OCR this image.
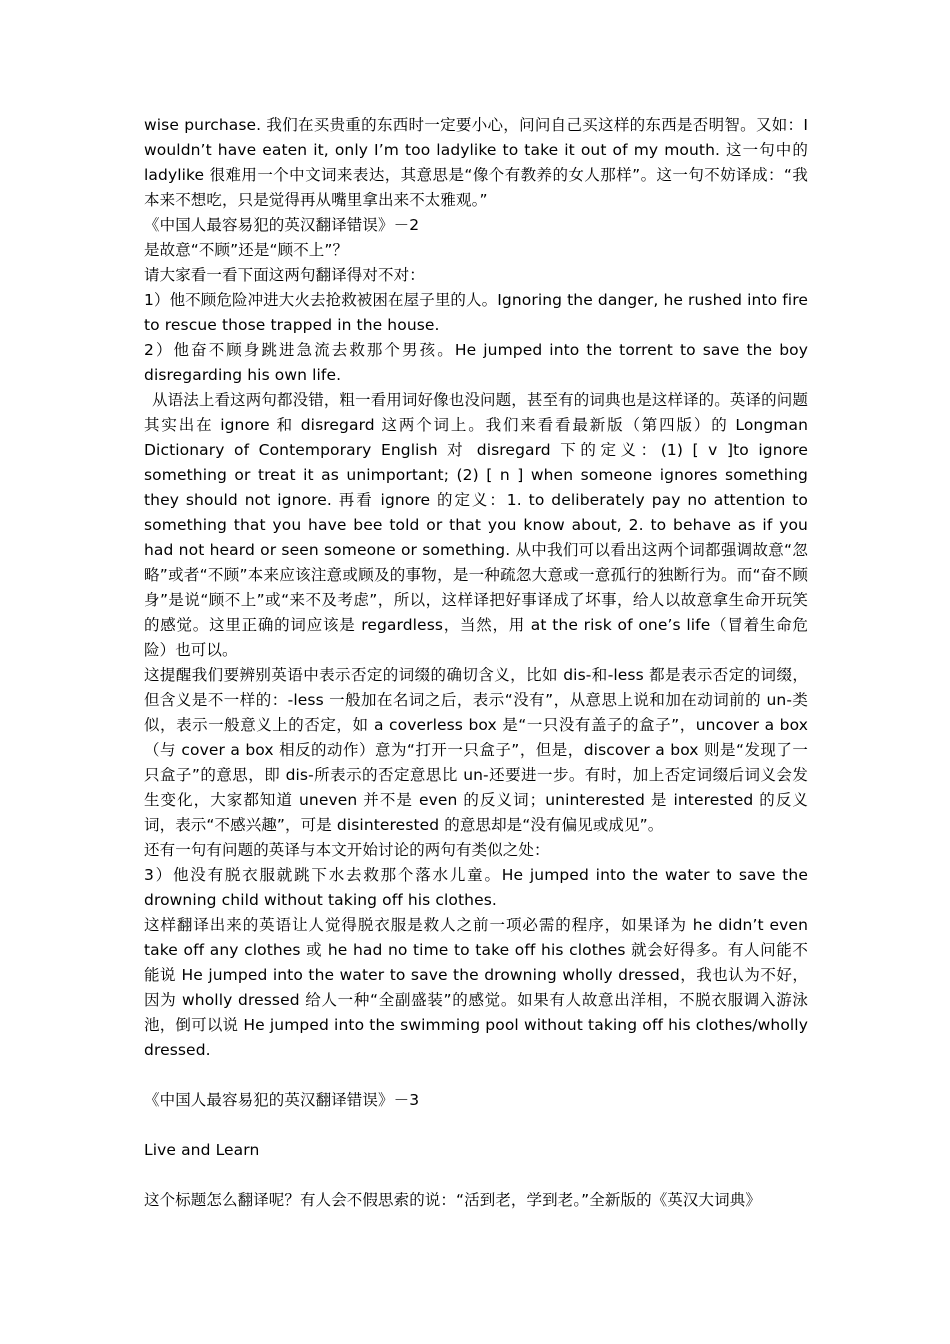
wise purchase. 我们在买贵重的东西时一定要小心，问问自己买这样的东西是否明智。又如：I wouldn’t have eaten it, only I’m too ladylike to take it out of my mouth. 这一句中的 ladylike 很难用一个中文词来表达，其意思是“像个有教养的女人那样”。这一句不妨译成：“我本来不想吃，只是觉得再从嘴里拿出来不太雅观。”

《中国人最容易犯的英汉翻译错误》－2

是故意“不顾”还是“顾不上”？

请大家看一看下面这两句翻译得对不对：

1）他不顾危险冲进大火去抢救被困在屋子里的人。Ignoring the danger, he rushed into fire to rescue those trapped in the house.

2）他奋不顾身跳进急流去救那个男孩。He jumped into the torrent to save the boy disregarding his own life.

从语法上看这两句都没错，粗一看用词好像也没问题，甚至有的词典也是这样译的。英译的问题其实出在 ignore 和 disregard 这两个词上。我们来看看最新版（第四版）的 Longman Dictionary of Contemporary English 对 disregard 下的定义：(1) [ v ]to ignore something or treat it as unimportant; (2) [ n ] when someone ignores something they should not ignore. 再看 ignore 的定义：1. to deliberately pay no attention to something that you have bee told or that you know about, 2. to behave as if you had not heard or seen someone or something. 从中我们可以看出这两个词都强调故意“忽略”或者“不顾”本来应该注意或顾及的事物，是一种疏忽大意或一意孤行的独断行为。而“奋不顾身”是说“顾不上”或“来不及考虑”，所以，这样译把好事译成了坏事，给人以故意拿生命开玩笑的感觉。这里正确的词应该是 regardless，当然，用 at the risk of one’s life（冒着生命危险）也可以。

这提醒我们要辨别英语中表示否定的词缀的确切含义，比如 dis-和-less 都是表示否定的词缀，但含义是不一样的：-less 一般加在名词之后，表示“没有”，从意思上说和加在动词前的 un-类似，表示一般意义上的否定，如 a coverless box 是“一只没有盖子的盒子”，uncover a box（与 cover a box 相反的动作）意为“打开一只盒子”，但是，discover a box 则是“发现了一只盒子”的意思，即 dis-所表示的否定意思比 un-还要进一步。有时，加上否定词缀后词义会发生变化，大家都知道 uneven 并不是 even 的反义词；uninterested 是 interested 的反义词，表示“不感兴趣”，可是 disinterested 的意思却是“没有偏见或成见”。

还有一句有问题的英译与本文开始讨论的两句有类似之处：

3）他没有脱衣服就跳下水去救那个落水儿童。He jumped into the water to save the drowning child without taking off his clothes.

这样翻译出来的英语让人觉得脱衣服是救人之前一项必需的程序，如果译为 he didn’t even take off any clothes 或 he had no time to take off his clothes 就会好得多。有人问能不能说 He jumped into the water to save the drowning wholly dressed，我也认为不好，因为 wholly dressed 给人一种“全副盛装”的感觉。如果有人故意出洋相，不脱衣服调入游泳池，倒可以说 He jumped into the swimming pool without taking off his clothes/wholly dressed.

《中国人最容易犯的英汉翻译错误》－3

Live and Learn

这个标题怎么翻译呢？有人会不假思索的说：“活到老，学到老。”全新版的《英汉大词典》
